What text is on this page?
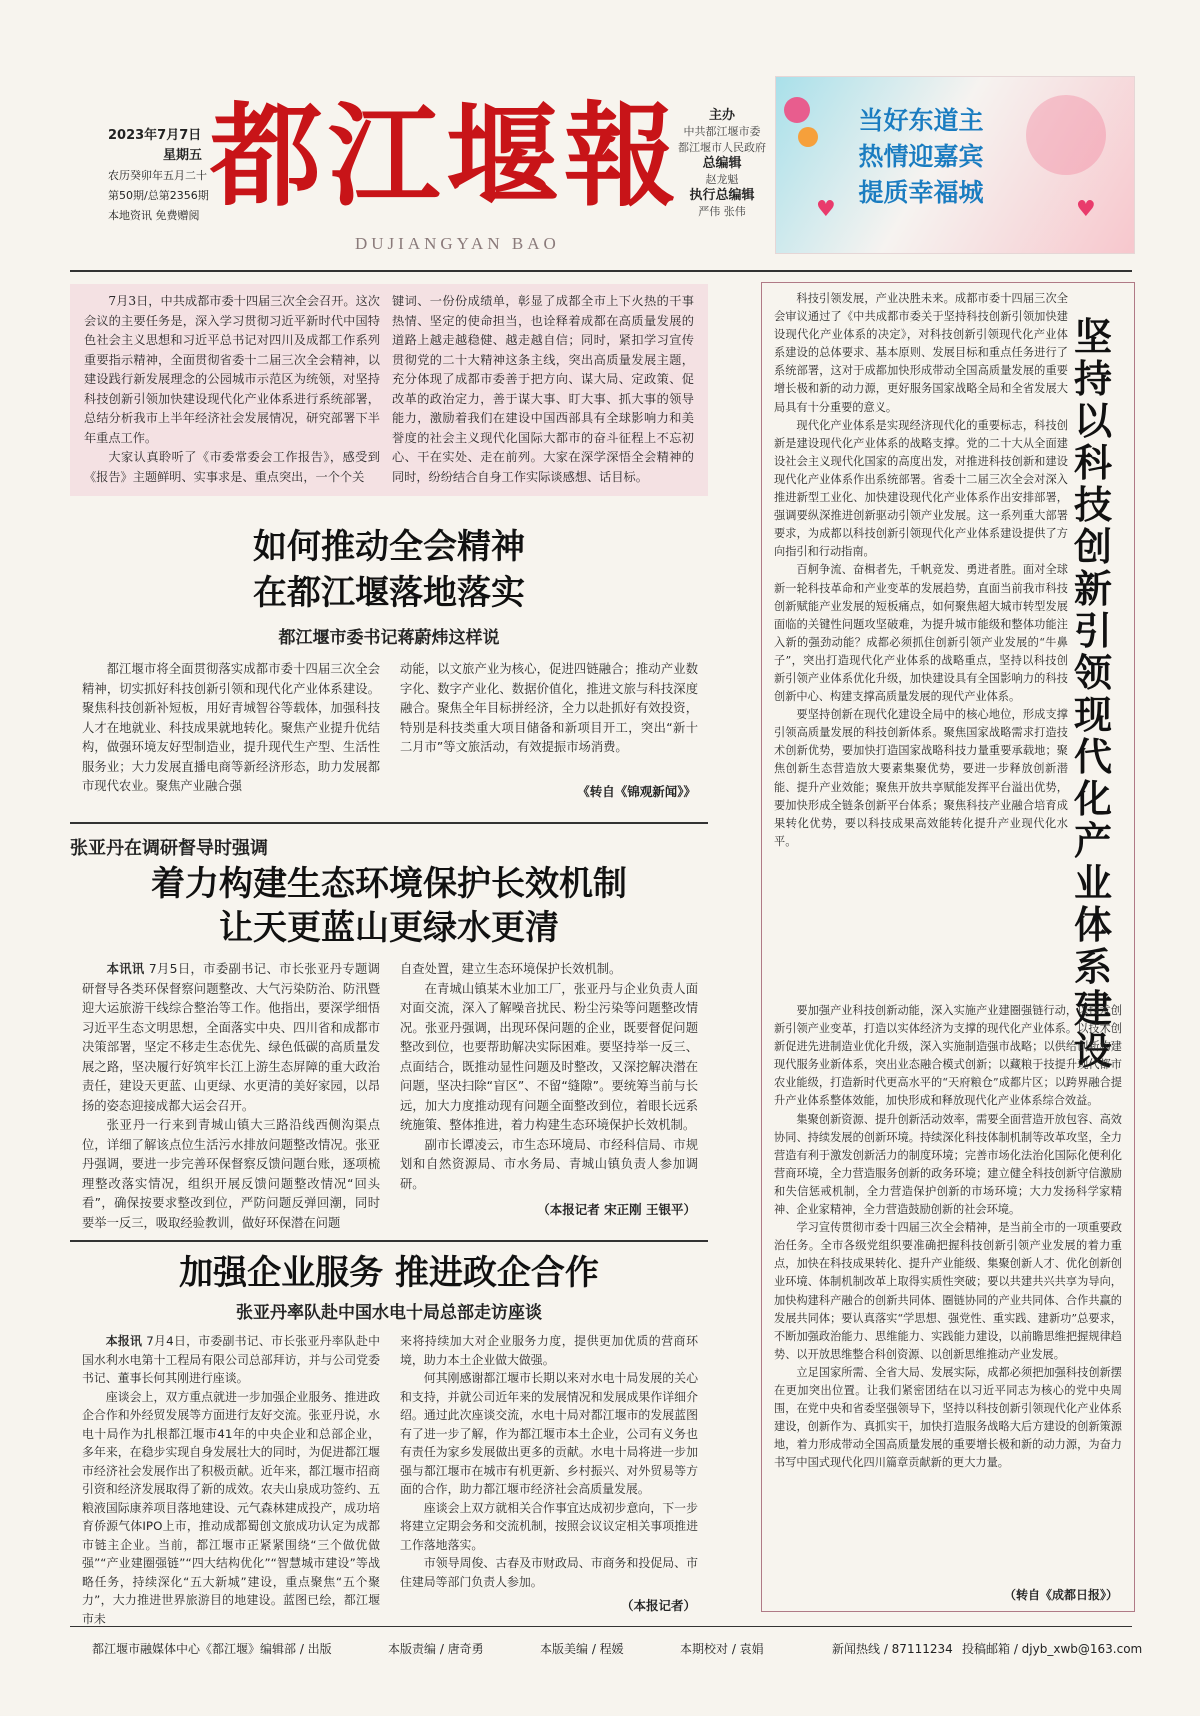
2023年7月7日
星期五
农历癸卯年五月二十
第50期/总第2356期
本地资讯 免费赠阅 都江堰報
DUJIANGYAN BAO
主办
中共都江堰市委
都江堰市人民政府
总编辑
赵龙魁
执行总编辑
严伟 张伟	♥	♥
当好东道主
热情迎嘉宾
提质幸福城
7月3日，中共成都市委十四届三次全会召开。这次会议的主要任务是，深入学习贯彻习近平新时代中国特色社会主义思想和习近平总书记对四川及成都工作系列重要指示精神，全面贯彻省委十二届三次全会精神，以建设践行新发展理念的公园城市示范区为统领，对坚持科技创新引领加快建设现代化产业体系进行系统部署，总结分析我市上半年经济社会发展情况，研究部署下半年重点工作。
大家认真聆听了《市委常委会工作报告》，感受到《报告》主题鲜明、实事求是、重点突出，一个个关
键词、一份份成绩单，彰显了成都全市上下火热的干事热情、坚定的使命担当，也诠释着成都在高质量发展的道路上越走越稳健、越走越自信；同时，紧扣学习宣传贯彻党的二十大精神这条主线，突出高质量发展主题，充分体现了成都市委善于把方向、谋大局、定政策、促改革的政治定力，善于谋大事、盯大事、抓大事的领导能力，激励着我们在建设中国西部具有全球影响力和美誉度的社会主义现代化国际大都市的奋斗征程上不忘初心、干在实处、走在前列。大家在深学深悟全会精神的同时，纷纷结合自身工作实际谈感想、话目标。
如何推动全会精神
在都江堰落地落实
都江堰市委书记蒋蔚炜这样说
都江堰市将全面贯彻落实成都市委十四届三次全会精神，切实抓好科技创新引领和现代化产业体系建设。聚焦科技创新补短板，用好青城智谷等载体，加强科技人才在地就业、科技成果就地转化。聚焦产业提升优结构，做强环境友好型制造业，提升现代生产型、生活性服务业；大力发展直播电商等新经济形态，助力发展都市现代农业。聚焦产业融合强
动能，以文旅产业为核心，促进四链融合；推动产业数字化、数字产业化、数据价值化，推进文旅与科技深度融合。聚焦全年目标拼经济，全力以赴抓好有效投资，特别是科技类重大项目储备和新项目开工，突出“新十二月市”等文旅活动，有效提振市场消费。
《转自《锦观新闻》》
张亚丹在调研督导时强调
着力构建生态环境保护长效机制
让天更蓝山更绿水更清
本讯讯 7月5日，市委副书记、市长张亚丹专题调研督导各类环保督察问题整改、大气污染防治、防汛暨迎大运旅游干线综合整治等工作。他指出，要深学细悟习近平生态文明思想，全面落实中央、四川省和成都市决策部署，坚定不移走生态优先、绿色低碳的高质量发展之路，坚决履行好筑牢长江上游生态屏障的重大政治责任，建设天更蓝、山更绿、水更清的美好家园，以昂扬的姿态迎接成都大运会召开。
张亚丹一行来到青城山镇大三路沿线西侧沟渠点位，详细了解该点位生活污水排放问题整改情况。张亚丹强调，要进一步完善环保督察反馈问题台账，逐项梳理整改落实情况，组织开展反馈问题整改情况“回头看”，确保按要求整改到位，严防问题反弹回潮，同时要举一反三，吸取经验教训，做好环保潜在问题
自查处置，建立生态环境保护长效机制。
在青城山镇某木业加工厂，张亚丹与企业负责人面对面交流，深入了解噪音扰民、粉尘污染等问题整改情况。张亚丹强调，出现环保问题的企业，既要督促问题整改到位，也要帮助解决实际困难。要坚持举一反三、点面结合，既推动显性问题及时整改，又深挖解决潜在问题，坚决扫除“盲区”、不留“缝隙”。要统筹当前与长远，加大力度推动现有问题全面整改到位，着眼长远系统施策、整体推进，着力构建生态环境保护长效机制。
副市长谭凌云，市生态环境局、市经科信局、市规划和自然资源局、市水务局、青城山镇负责人参加调研。
（本报记者 宋正刚 王银平）
加强企业服务 推进政企合作
张亚丹率队赴中国水电十局总部走访座谈
本报讯 7月4日，市委副书记、市长张亚丹率队赴中国水利水电第十工程局有限公司总部拜访，并与公司党委书记、董事长何其刚进行座谈。
座谈会上，双方重点就进一步加强企业服务、推进政企合作和外经贸发展等方面进行友好交流。张亚丹说，水电十局作为扎根都江堰市41年的中央企业和总部企业，多年来，在稳步实现自身发展壮大的同时，为促进都江堰市经济社会发展作出了积极贡献。近年来，都江堰市招商引资和经济发展取得了新的成效。农夫山泉成功签约、五粮液国际康养项目落地建设、元气森林建成投产，成功培育侨源气体IPO上市，推动成都蜀创文旅成功认定为成都市链主企业。当前，都江堰市正紧紧围绕“三个做优做强”“产业建圈强链”“四大结构优化”“智慧城市建设”等战略任务，持续深化“五大新城”建设，重点聚焦“五个聚力”，大力推进世界旅游目的地建设。蓝图已绘，都江堰市未
来将持续加大对企业服务力度，提供更加优质的营商环境，助力本土企业做大做强。
何其刚感谢都江堰市长期以来对水电十局发展的关心和支持，并就公司近年来的发展情况和发展成果作详细介绍。通过此次座谈交流，水电十局对都江堰市的发展蓝图有了进一步了解，作为都江堰市本土企业，公司有义务也有责任为家乡发展做出更多的贡献。水电十局将进一步加强与都江堰市在城市有机更新、乡村振兴、对外贸易等方面的合作，助力都江堰市经济社会高质量发展。
座谈会上双方就相关合作事宜达成初步意向，下一步将建立定期会务和交流机制，按照会议议定相关事项推进工作落地落实。
市领导周俊、古春及市财政局、市商务和投促局、市住建局等部门负责人参加。
（本报记者）
坚持以科技创新引领现代化产业体系建设
科技引领发展，产业决胜未来。成都市委十四届三次全会审议通过了《中共成都市委关于坚持科技创新引领加快建设现代化产业体系的决定》，对科技创新引领现代化产业体系建设的总体要求、基本原则、发展目标和重点任务进行了系统部署，这对于成都加快形成带动全国高质量发展的重要增长极和新的动力源，更好服务国家战略全局和全省发展大局具有十分重要的意义。
现代化产业体系是实现经济现代化的重要标志，科技创新是建设现代化产业体系的战略支撑。党的二十大从全面建设社会主义现代化国家的高度出发，对推进科技创新和建设现代化产业体系作出系统部署。省委十二届三次全会对深入推进新型工业化、加快建设现代化产业体系作出安排部署，强调要纵深推进创新驱动引领产业发展。这一系列重大部署要求，为成都以科技创新引领现代化产业体系建设提供了方向指引和行动指南。
百舸争流、奋楫者先，千帆竞发、勇进者胜。面对全球新一轮科技革命和产业变革的发展趋势，直面当前我市科技创新赋能产业发展的短板痛点，如何聚焦超大城市转型发展面临的关键性问题攻坚破难，为提升城市能级和整体功能注入新的强劲动能？成都必须抓住创新引领产业发展的“牛鼻子”，突出打造现代化产业体系的战略重点，坚持以科技创新引领产业体系优化升级，加快建设具有全国影响力的科技创新中心、构建支撑高质量发展的现代产业体系。
要坚持创新在现代化建设全局中的核心地位，形成支撑引领高质量发展的科技创新体系。聚焦国家战略需求打造技术创新优势，要加快打造国家战略科技力量重要承载地；聚焦创新生态营造放大要素集聚优势，要进一步释放创新潜能、提升产业效能；聚焦开放共享赋能发挥平台溢出优势，要加快形成全链条创新平台体系；聚焦科技产业融合培育成果转化优势，要以科技成果高效能转化提升产业现代化水平。
要加强产业科技创新动能，深入实施产业建圈强链行动，以技术创新引领产业变革，打造以实体经济为支撑的现代化产业体系。以技术创新促进先进制造业优化升级，深入实施制造强市战略；以供给创新构建现代服务业新体系，突出业态融合模式创新；以藏粮于技提升现代都市农业能级，打造新时代更高水平的“天府粮仓”成都片区；以跨界融合提升产业体系整体效能，加快形成和释放现代化产业体系综合效益。
集聚创新资源、提升创新活动效率，需要全面营造开放包容、高效协同、持续发展的创新环境。持续深化科技体制机制等改革攻坚，全力营造有利于激发创新活力的制度环境；完善市场化法治化国际化便利化营商环境，全力营造服务创新的政务环境；建立健全科技创新守信激励和失信惩戒机制，全力营造保护创新的市场环境；大力发扬科学家精神、企业家精神，全力营造鼓励创新的社会环境。
学习宣传贯彻市委十四届三次全会精神，是当前全市的一项重要政治任务。全市各级党组织要准确把握科技创新引领产业发展的着力重点，加快在科技成果转化、提升产业能级、集聚创新人才、优化创新创业环境、体制机制改革上取得实质性突破；要以共建共兴共享为导向，加快构建科产融合的创新共同体、圈链协同的产业共同体、合作共赢的发展共同体；要认真落实“学思想、强党性、重实践、建新功”总要求，不断加强政治能力、思维能力、实践能力建设，以前瞻思维把握规律趋势、以开放思维整合科创资源、以创新思维推动产业发展。
立足国家所需、全省大局、发展实际，成都必须把加强科技创新摆在更加突出位置。让我们紧密团结在以习近平同志为核心的党中央周围，在党中央和省委坚强领导下，坚持以科技创新引领现代化产业体系建设，创新作为、真抓实干，加快打造服务战略大后方建设的创新策源地，着力形成带动全国高质量发展的重要增长极和新的动力源，为奋力书写中国式现代化四川篇章贡献新的更大力量。
（转自《成都日报》）
都江堰市融媒体中心《都江堰》编辑部 / 出版	本版责编 / 唐奇勇	本版美编 / 程媛	本期校对 / 袁娟	新闻热线 / 87111234 投稿邮箱 / djyb_xwb@163.com
